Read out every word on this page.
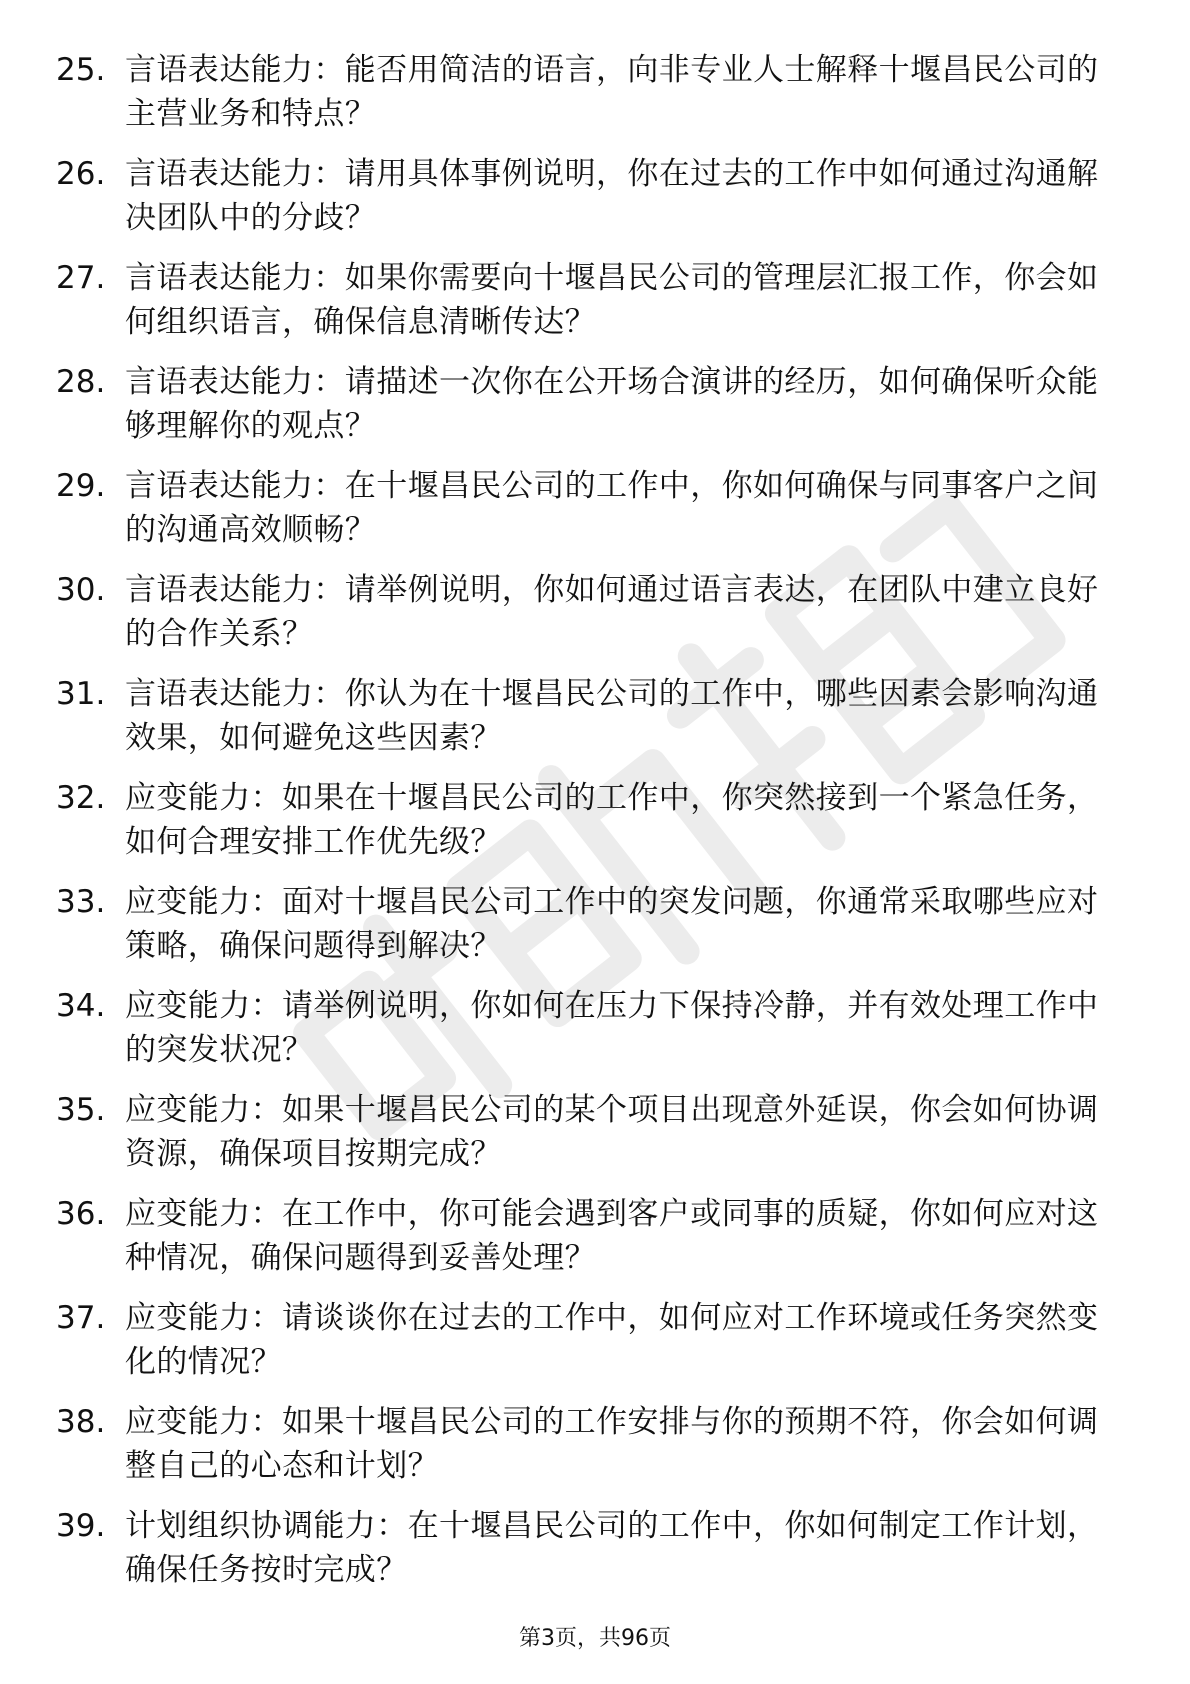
25. 言语表达能力：能否用简洁的语言，向非专业人士解释十堰昌民公司的主营业务和特点？
26. 言语表达能力：请用具体事例说明，你在过去的工作中如何通过沟通解决团队中的分歧？
27. 言语表达能力：如果你需要向十堰昌民公司的管理层汇报工作，你会如何组织语言，确保信息清晰传达？
28. 言语表达能力：请描述一次你在公开场合演讲的经历，如何确保听众能够理解你的观点？
29. 言语表达能力：在十堰昌民公司的工作中，你如何确保与同事客户之间的沟通高效顺畅？
30. 言语表达能力：请举例说明，你如何通过语言表达，在团队中建立良好的合作关系？
31. 言语表达能力：你认为在十堰昌民公司的工作中，哪些因素会影响沟通效果，如何避免这些因素？
32. 应变能力：如果在十堰昌民公司的工作中，你突然接到一个紧急任务，如何合理安排工作优先级？
33. 应变能力：面对十堰昌民公司工作中的突发问题，你通常采取哪些应对策略，确保问题得到解决？
34. 应变能力：请举例说明，你如何在压力下保持冷静，并有效处理工作中的突发状况？
35. 应变能力：如果十堰昌民公司的某个项目出现意外延误，你会如何协调资源，确保项目按期完成？
36. 应变能力：在工作中，你可能会遇到客户或同事的质疑，你如何应对这种情况，确保问题得到妥善处理？
37. 应变能力：请谈谈你在过去的工作中，如何应对工作环境或任务突然变化的情况？
38. 应变能力：如果十堰昌民公司的工作安排与你的预期不符，你会如何调整自己的心态和计划？
39. 计划组织协调能力：在十堰昌民公司的工作中，你如何制定工作计划，确保任务按时完成？
第3页，共96页
